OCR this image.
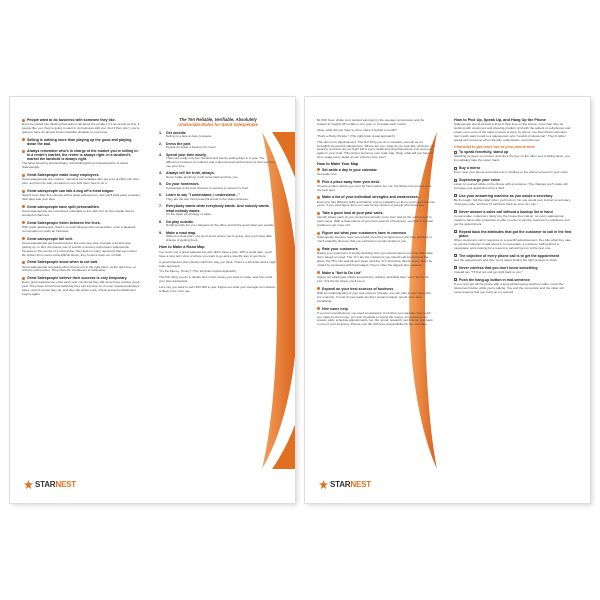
People want to do business with someone they like.
Don't be misled into thinking that sales is all about the product. It's as simple as this, if people like you; they're going to want to do business with you. And if they don't, you're going to have an almost insurmountable obstacle to overcome.
Selling is nothing more than playing up the good and playing down the bad.
Always remember who's in charge of the market you're selling in. In a renter's market, the renter is always right. In a landlord's market the landlord is always right.
The Most Amazing, Extraordinary, and Distinguishing Characteristics of Great Salespeople:
Great Salespeople make lousy employees.
Great salespeople are creative, maverick personalities who put a lot of effort into their jobs, and then do well, provided no one tells them how to do it.
Great salespeople can talk a dog off a meat wagon.
Spend more than five minutes with a great salesperson, and you'll walk away amazing their idea was your idea.
Great salespeople have split personalities.
Great salespeople are sometimes miserable to live with, but on the outside they're wonderful charmers.
Great Salespeople listen between the lines.
With great salespeople, there's no such thing as idle conversation, even a pleasant conversation is really an interview.
Great salespeople fail well.
Great salespeople get knocked down like everyone else, but take a lot less time getting up. In fact, the lowest rule of suicide is among mainstream salespeople because in the course of a normal day, they field so many rejections that even when life strikes them some extra difficult blows, they bounce back out of habit.
Great Salespeople know when to cut bait.
Great salespeople recognize when they're not in the right place, at the right time, or with the right person. They have the confidence to walk away.
Great Salespeople believe their success is only temporary.
Every great salesperson ends each year convinced they will never have another good year. They have a hard time believing they can improve on or even repeat yesterday's sales, until of course they do, and then the whole cycle of fear and accomplishment begins again.
The Ten Reliable, Verifiable, Absolutely
Undeniable Rules for Great Salespeople
1.	Get outside
Selling is a face-to-face business.
2.	Dress the part.
People do judge a book by its cover!
3.	Spend your time wisely.
There are really only two hundred and twenty selling days in a year. The difference between a mediocre and a phenomenal performance is how well you use your time.
4.	Always tell the truth, always.
Never fudge anything; it will come back and bite you.
5.	Do your homework.
Knowledge is the best shortcut to earning a customer's trust.
6.	Learn to say "I understand, I understand..."
They are the two most powerful words in the sales business.
7.	Everybody wants what everybody wants. And nobody wants what nobody wants.
It's the basic psychology of sales.
8.	Go play outside.
Nothing really fun ever happens at the office and all the good ideas are outside.
9.	Make a road map.
Without a clear plan, you won't know where you're going, and you'll have little chance of getting there.
How to Make a Road Map
I've never met a great salesperson who didn't have a plan. With a good plan, you'll have a long term view of where you want to go and a specific way to get there.
A good business plan should match the way you think. There's a left-brain and a right-brain approach.
"It's the Money, Honey!" (The left-brain logical approach)
The first thing you do is decide how much money you want to make, and then work your plan backwards.
Let's say you want to earn $72,000 a year. Figure out what your average commission is likely to be, let's use
STARNEST
$1,500. Now, divide your desired earnings by the average commission and the answer is roughly 48 rentals in one year, or 4 rentals each month.
Okay, what will you have to do to make 4 rentals a month?
"Paint a Pretty Picture." (The right-brain visual approach)
This plan is for daydreamers. The first thing you do is visualize yourself as an incredibly successful salesperson. Where are you, what do you look like, what are you wearing, and how do you feel? Fill in every detail and plug that picture over and over again in your mind. This picture becomes your road map. Okay, what will you have to do to make every detail of your picture come true?
How to Make Your Map
Set aside a day in your calendar.
Set aside now.
Pick a place away from your desk.
Choose a place where you can't be interrupted. For me, the library has proven to be the best spot.
Make a list of your individual strengths and weaknesses...
Everyone has different skills and talents, and to capitalize on them you'll need to know yours. If you can't figure them out, ask for the opinion of people who know you.
Take a good look at your past sales.
Identify where each of your customers actually come from and jot the source next to each name. With a clear picture of your best sources of business, you'll be in a better position to get more of it.
Figure out what your customers have in common
Salespeople become more successful once they've figured out who they sell best to. You'll probably discover that you sell best to people similar to you.
Rate your customers
Rating your customers is simply deciding who you should spend your time with. Rate them based on need. The "A"s are the customers you should call tomorrow at the latest, the "B"s can wait till next week, and the "C"s should be thrown away. Don't be misled by customers with big budgets; they're often the biggest time wasters.
Make a "Not to Do List"
Figure out which past efforts amounted to nothing, and label them your "Not to Do List." Put the list where you'll see it.
Expand on your best sources of business
With an understanding of your real sources of leads, you can plan to your strengths. For example, if most of your leads are from social contacts, spend more time socializing.
Hire some help
If you feel overwhelmed, you need an assistant. And when you calculate how much you make by the house, you won't hesitate to spend the money. An assistant can answer calls, schedule appointments, fax, file, email, research, get listings, and keep on top of your inventory. Picture your life with less responsibility for the mundane.
How to Pick Up, Speak Up, and Hang Up the Phone
Salespeople spend at least a third of their time on the phone, more than they do working with customers and showing product. And with the advent of cell phones and email, even more of the sales process is done by phone. I've found that customers don't really want to talk to a salesperson who "sounds professional." They'd rather speak with someone who's friendly, enthusiastic, and informed.
Checklist to get more out of your phone time
To speak forcefully, stand up
Standing up gives you power, and since the guy on the other end is sitting down, you immediately take the upper hand.
Buy a mirror
Put it near your phone and smile into it. Smiling on the phone is heard in your voice.
Supercharge your voice
Listen to yourself while on the phone with a customer. The changes you'll make will increase your appointment by a third.
Use your answering machine as you would a secretary
Be thorough: Tell the caller when you'll return. No one would ever instruct a secretary, "If anyone calls, tell them I'll call them back as soon as I can."
Never answer a sales call without a backup list in hand
In real estate, customers rarely buy the house they call on, so every salesperson needs to have other properties to offer in order to win the customer's confidence and get the appointment.
Repeat back the attributes that got the customer to call in the first place.
When customers call in response to a specific advertisement, they like what they saw, so get the customer to talk about it. In real estate, a customer calling about a newspaper ad is looking for a reason to call and get on to the next one.
The objective of every phone call is to get the appointment
Get the appointment and then worry about finding the right product to show.
Never confess that you don't know something
Instead say, "I'll find out and get right back to you."
Push the hang-up button in mid-sentence
If you can't get off the phone with a long-winded going-nowhere caller, press the disconnect button while you're talking. You end the connection and the caller will never suspect that you hung up on yourself.
STARNEST
